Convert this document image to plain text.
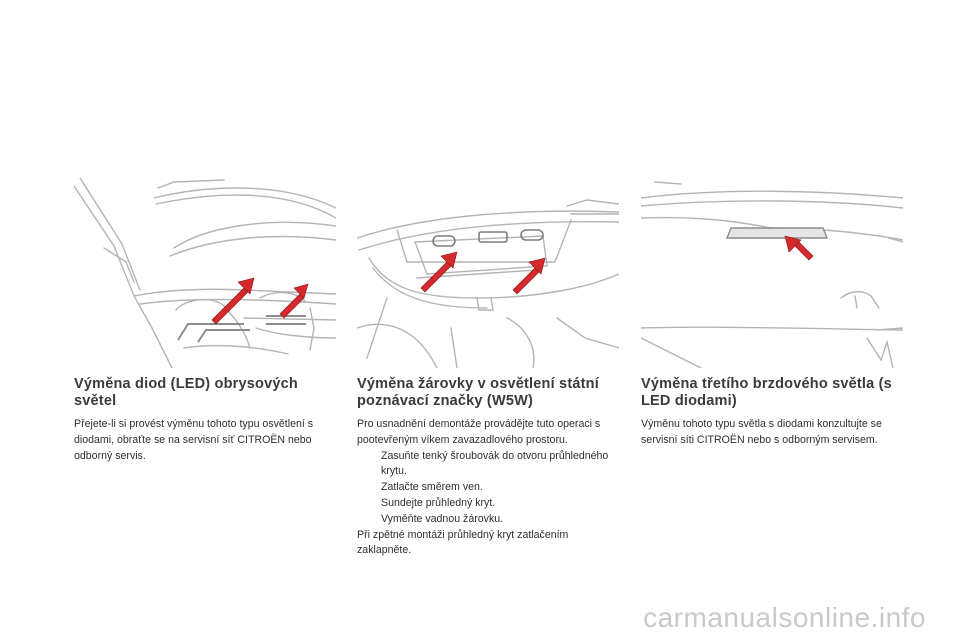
Výměna diod (LED) obrysových světel

Přejete-li si provést výměnu tohoto typu osvětlení s diodami, obraťte se na servisní síť CITROËN nebo odborný servis.

Výměna žárovky v osvětlení státní poznávací značky (W5W)

Pro usnadnění demontáže provádějte tuto operaci s pootevřeným víkem zavazadlového prostoru.

Zasuňte tenký šroubovák do otvoru průhledného krytu.
Zatlačte směrem ven.
Sundejte průhledný kryt.
Vyměňte vadnou žárovku.

Při zpětné montáži průhledný kryt zatlačením zaklapněte.

Výměna třetího brzdového světla (s LED diodami)

Výměnu tohoto typu světla s diodami konzultujte se servisní síti CITROËN nebo s odborným servisem.

carmanualsonline.info
